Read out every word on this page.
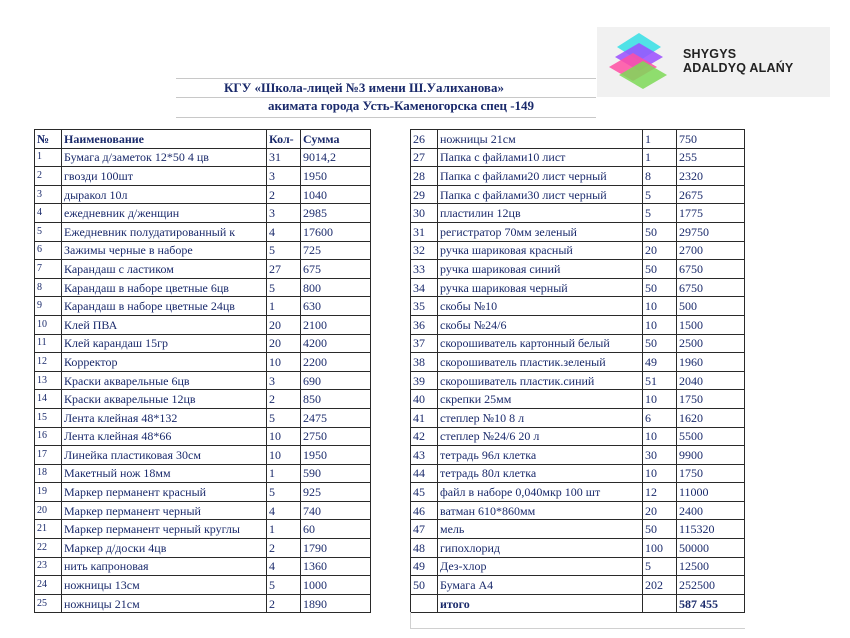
SHYGYS
ADALDYQ ALAŃY
КГУ «Школа-лицей №3 имени Ш.Уалиханова»
акимата города Усть-Каменогорска спец -149
№	Наименование	Кол-	Сумма
1	Бумага д/заметок 12*50 4 цв	31	9014,2
2	гвозди 100шт	3	1950
3	дыракол 10л	2	1040
4	ежедневник д/женщин	3	2985
5	Ежедневник полудатированный к	4	17600
6	Зажимы черные в наборе	5	725
7	Карандаш с ластиком	27	675
8	Карандаш в наборе цветные 6цв	5	800
9	Карандаш в наборе цветные 24цв	1	630
10	Клей ПВА	20	2100
11	Клей карандаш 15гр	20	4200
12	Корректор	10	2200
13	Краски акварельные 6цв	3	690
14	Краски акварельные 12цв	2	850
15	Лента клейная 48*132	5	2475
16	Лента клейная 48*66	10	2750
17	Линейка пластиковая 30см	10	1950
18	Макетный нож 18мм	1	590
19	Маркер перманент красный	5	925
20	Маркер перманент черный	4	740
21	Маркер перманент черный круглы	1	60
22	Маркер д/доски 4цв	2	1790
23	нить капроновая	4	1360
24	ножницы 13см	5	1000
25	ножницы 21см	2	1890
26	ножницы 21см	1	750
27	Папка с файлами10 лист	1	255
28	Папка с файлами20 лист черный	8	2320
29	Папка с файлами30 лист черный	5	2675
30	пластилин 12цв	5	1775
31	регистратор 70мм зеленый	50	29750
32	ручка шариковая красный	20	2700
33	ручка шариковая синий	50	6750
34	ручка шариковая черный	50	6750
35	скобы №10	10	500
36	скобы №24/6	10	1500
37	скорошиватель картонный белый	50	2500
38	скорошиватель пластик.зеленый	49	1960
39	скорошиватель пластик.синий	51	2040
40	скрепки 25мм	10	1750
41	степлер №10 8 л	6	1620
42	степлер №24/6 20 л	10	5500
43	тетрадь 96л клетка	30	9900
44	тетрадь 80л клетка	10	1750
45	файл в наборе 0,040мкр 100 шт	12	11000
46	ватман 610*860мм	20	2400
47	мель	50	115320
48	гипохлорид	100	50000
49	Дез-хлор	5	12500
50	Бумага А4	202	252500
	итого		587 455
